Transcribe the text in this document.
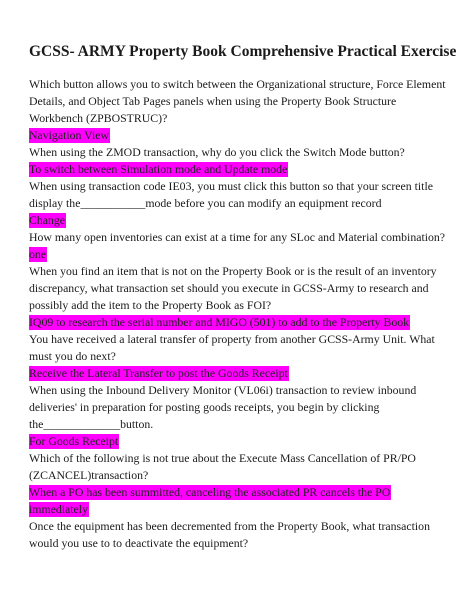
GCSS- ARMY Property Book Comprehensive Practical Exercise

Which button allows you to switch between the Organizational structure, Force Element Details, and Object Tab Pages panels when using the Property Book Structure Workbench (ZPBOSTRUC)?

Navigation View

When using the ZMOD transaction, why do you click the Switch Mode button?

To switch between Simulation mode and Update mode

When using transaction code IE03, you must click this button so that your screen title display the___________mode before you can modify an equipment record

Change

How many open inventories can exist at a time for any SLoc and Material combination?

one

When you find an item that is not on the Property Book or is the result of an inventory discrepancy, what transaction set should you execute in GCSS-Army to research and possibly add the item to the Property Book as FOI?

IQ09 to research the serial number and MIGO (501) to add to the Property Book

You have received a lateral transfer of property from another GCSS-Army Unit. What must you do next?

Receive the Lateral Transfer to post the Goods Receipt

When using the Inbound Delivery Monitor (VL06i) transaction to review inbound deliveries' in preparation for posting goods receipts, you begin by clicking the_____________button.

For Goods Receipt

Which of the following is not true about the Execute Mass Cancellation of PR/PO (ZCANCEL)transaction?

When a PO has been summitted, canceling the associated PR cancels the PO immediately

Once the equipment has been decremented from the Property Book, what transaction would you use to to deactivate the equipment?
